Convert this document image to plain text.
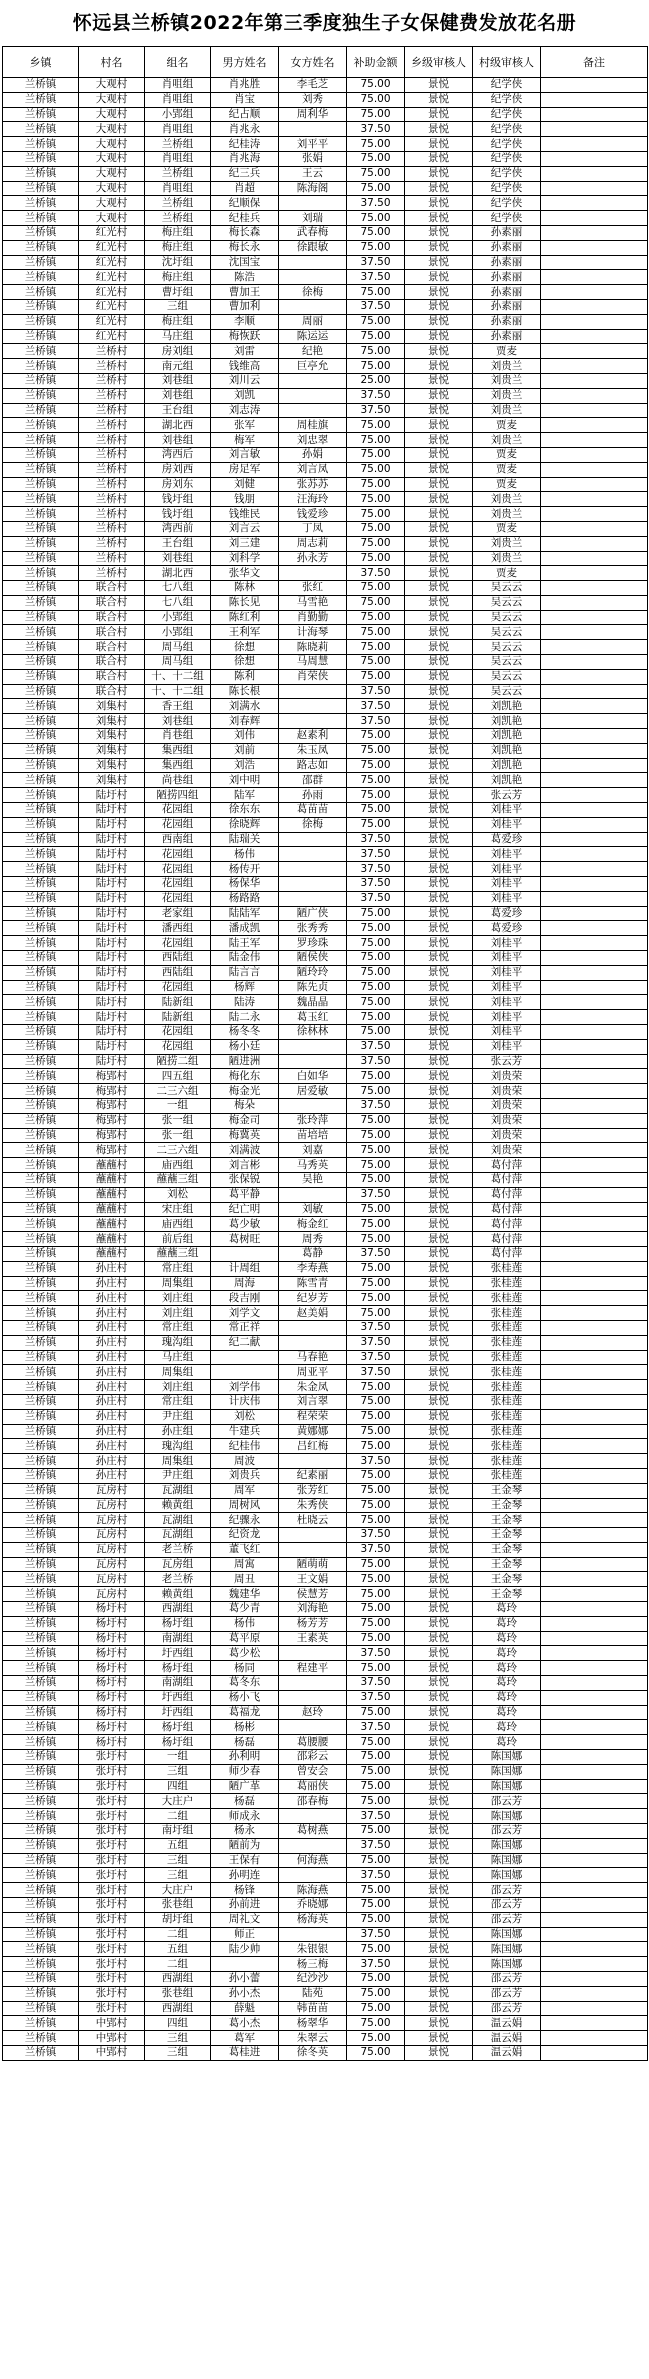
怀远县兰桥镇2022年第三季度独生子女保健费发放花名册
乡镇	村名	组名	男方姓名	女方姓名	补助金额	乡级审核人	村级审核人	备注
兰桥镇	大观村	肖咀组	肖兆胜	李毛芝	75.00	景悦	纪学侠	
兰桥镇	大观村	肖咀组	肖宝	刘秀	75.00	景悦	纪学侠	
兰桥镇	大观村	小郢组	纪占顺	周利华	75.00	景悦	纪学侠	
兰桥镇	大观村	肖咀组	肖兆永		37.50	景悦	纪学侠	
兰桥镇	大观村	兰桥组	纪桂涛	刘平平	75.00	景悦	纪学侠	
兰桥镇	大观村	肖咀组	肖兆海	张娟	75.00	景悦	纪学侠	
兰桥镇	大观村	兰桥组	纪三兵	王云	75.00	景悦	纪学侠	
兰桥镇	大观村	肖咀组	肖超	陈海阁	75.00	景悦	纪学侠	
兰桥镇	大观村	兰桥组	纪顺保		37.50	景悦	纪学侠	
兰桥镇	大观村	兰桥组	纪桂兵	刘瑞	75.00	景悦	纪学侠	
兰桥镇	红光村	梅庄组	梅长森	武春梅	75.00	景悦	孙素丽	
兰桥镇	红光村	梅庄组	梅长永	徐跟敏	75.00	景悦	孙素丽	
兰桥镇	红光村	沈圩组	沈国宝		37.50	景悦	孙素丽	
兰桥镇	红光村	梅庄组	陈浩		37.50	景悦	孙素丽	
兰桥镇	红光村	曹圩组	曹加王	徐梅	75.00	景悦	孙素丽	
兰桥镇	红光村	三组	曹加利		37.50	景悦	孙素丽	
兰桥镇	红光村	梅庄组	李顺	周丽	75.00	景悦	孙素丽	
兰桥镇	红光村	马庄组	梅恢跃	陈运运	75.00	景悦	孙素丽	
兰桥镇	兰桥村	房刘组	刘雷	纪艳	75.00	景悦	贾麦	
兰桥镇	兰桥村	南元组	钱维高	巨亭允	75.00	景悦	刘贵兰	
兰桥镇	兰桥村	刘巷组	刘川云		25.00	景悦	刘贵兰	
兰桥镇	兰桥村	刘巷组	刘凯		37.50	景悦	刘贵兰	
兰桥镇	兰桥村	王台组	刘志涛		37.50	景悦	刘贵兰	
兰桥镇	兰桥村	湖北西	张军	周桂旗	75.00	景悦	贾麦	
兰桥镇	兰桥村	刘巷组	梅军	刘忠翠	75.00	景悦	刘贵兰	
兰桥镇	兰桥村	湾西后	刘言敏	孙娟	75.00	景悦	贾麦	
兰桥镇	兰桥村	房刘西	房足军	刘言凤	75.00	景悦	贾麦	
兰桥镇	兰桥村	房刘东	刘健	张苏苏	75.00	景悦	贾麦	
兰桥镇	兰桥村	钱圩组	钱朋	汪海玲	75.00	景悦	刘贵兰	
兰桥镇	兰桥村	钱圩组	钱维民	钱爱珍	75.00	景悦	刘贵兰	
兰桥镇	兰桥村	湾西前	刘言云	丁凤	75.00	景悦	贾麦	
兰桥镇	兰桥村	王台组	刘三建	周志莉	75.00	景悦	刘贵兰	
兰桥镇	兰桥村	刘巷组	刘科学	孙永芳	75.00	景悦	刘贵兰	
兰桥镇	兰桥村	湖北西	张华文		37.50	景悦	贾麦	
兰桥镇	联合村	七八组	陈林	张红	75.00	景悦	吴云云	
兰桥镇	联合村	七八组	陈长见	马雪艳	75.00	景悦	吴云云	
兰桥镇	联合村	小郢组	陈红利	肖勤勤	75.00	景悦	吴云云	
兰桥镇	联合村	小郢组	王利军	计海琴	75.00	景悦	吴云云	
兰桥镇	联合村	周马组	徐想	陈晓莉	75.00	景悦	吴云云	
兰桥镇	联合村	周马组	徐想	马周慧	75.00	景悦	吴云云	
兰桥镇	联合村	十、十二组	陈利	肖荣侠	75.00	景悦	吴云云	
兰桥镇	联合村	十、十二组	陈长根		37.50	景悦	吴云云	
兰桥镇	刘集村	香王组	刘满水		37.50	景悦	刘凯艳	
兰桥镇	刘集村	刘巷组	刘春辉		37.50	景悦	刘凯艳	
兰桥镇	刘集村	肖巷组	刘伟	赵素利	75.00	景悦	刘凯艳	
兰桥镇	刘集村	集西组	刘前	朱玉凤	75.00	景悦	刘凯艳	
兰桥镇	刘集村	集西组	刘浩	路志如	75.00	景悦	刘凯艳	
兰桥镇	刘集村	尚巷组	刘中明	邵群	75.00	景悦	刘凯艳	
兰桥镇	陆圩村	陋捞四组	陆军	孙雨	75.00	景悦	张云芳	
兰桥镇	陆圩村	花园组	徐东东	葛苗苗	75.00	景悦	刘桂平	
兰桥镇	陆圩村	花园组	徐晓辉	徐梅	75.00	景悦	刘桂平	
兰桥镇	陆圩村	西南组	陆瑞关		37.50	景悦	葛爱珍	
兰桥镇	陆圩村	花园组	杨伟		37.50	景悦	刘桂平	
兰桥镇	陆圩村	花园组	杨传开		37.50	景悦	刘桂平	
兰桥镇	陆圩村	花园组	杨保华		37.50	景悦	刘桂平	
兰桥镇	陆圩村	花园组	杨路路		37.50	景悦	刘桂平	
兰桥镇	陆圩村	老家组	陆陆军	陋广侠	75.00	景悦	葛爱珍	
兰桥镇	陆圩村	潘西组	潘成凯	张秀秀	75.00	景悦	葛爱珍	
兰桥镇	陆圩村	花园组	陆王军	罗珍珠	75.00	景悦	刘桂平	
兰桥镇	陆圩村	西陆组	陆金伟	陋侯侠	75.00	景悦	刘桂平	
兰桥镇	陆圩村	西陆组	陆言言	陋玲玲	75.00	景悦	刘桂平	
兰桥镇	陆圩村	花园组	杨辉	陈先贞	75.00	景悦	刘桂平	
兰桥镇	陆圩村	陆新组	陆涛	魏晶晶	75.00	景悦	刘桂平	
兰桥镇	陆圩村	陆新组	陆二永	葛玉红	75.00	景悦	刘桂平	
兰桥镇	陆圩村	花园组	杨冬冬	徐林林	75.00	景悦	刘桂平	
兰桥镇	陆圩村	花园组	杨小廷		37.50	景悦	刘桂平	
兰桥镇	陆圩村	陋捞二组	陋进洲		37.50	景悦	张云芳	
兰桥镇	梅郢村	四五组	梅化东	白如华	75.00	景悦	刘贵荣	
兰桥镇	梅郢村	二三六组	梅金光	居爱敏	75.00	景悦	刘贵荣	
兰桥镇	梅郢村	一组	梅朵		37.50	景悦	刘贵荣	
兰桥镇	梅郢村	张一组	梅金司	张玲萍	75.00	景悦	刘贵荣	
兰桥镇	梅郢村	张一组	梅冀英	苗培培	75.00	景悦	刘贵荣	
兰桥镇	梅郢村	二三六组	刘满波	刘嘉	75.00	景悦	刘贵荣	
兰桥镇	蘸蘸村	庙西组	刘言彬	马秀英	75.00	景悦	葛付萍	
兰桥镇	蘸蘸村	蘸蘸三组	张保锐	吴艳	75.00	景悦	葛付萍	
兰桥镇	蘸蘸村	刘松	葛平静		37.50	景悦	葛付萍	
兰桥镇	蘸蘸村	宋庄组	纪亡明	刘敏	75.00	景悦	葛付萍	
兰桥镇	蘸蘸村	庙西组	葛少敏	梅金红	75.00	景悦	葛付萍	
兰桥镇	蘸蘸村	前后组	葛树旺	周秀	75.00	景悦	葛付萍	
兰桥镇	蘸蘸村	蘸蘸三组		葛静	37.50	景悦	葛付萍	
兰桥镇	孙庄村	常庄组	计周组	李寿燕	75.00	景悦	张桂莲	
兰桥镇	孙庄村	周集组	周海	陈雪青	75.00	景悦	张桂莲	
兰桥镇	孙庄村	刘庄组	段吉刚	纪岁芳	75.00	景悦	张桂莲	
兰桥镇	孙庄村	刘庄组	刘学文	赵美娟	75.00	景悦	张桂莲	
兰桥镇	孙庄村	常庄组	常正祥		37.50	景悦	张桂莲	
兰桥镇	孙庄村	瑰沟组	纪二献		37.50	景悦	张桂莲	
兰桥镇	孙庄村	马庄组		马春艳	37.50	景悦	张桂莲	
兰桥镇	孙庄村	周集组		周亚平	37.50	景悦	张桂莲	
兰桥镇	孙庄村	刘庄组	刘学伟	朱金凤	75.00	景悦	张桂莲	
兰桥镇	孙庄村	常庄组	计庆伟	刘言翠	75.00	景悦	张桂莲	
兰桥镇	孙庄村	尹庄组	刘松	程荣荣	75.00	景悦	张桂莲	
兰桥镇	孙庄村	孙庄组	牛建兵	黄娜娜	75.00	景悦	张桂莲	
兰桥镇	孙庄村	瑰沟组	纪桂伟	吕红梅	75.00	景悦	张桂莲	
兰桥镇	孙庄村	周集组	周波		37.50	景悦	张桂莲	
兰桥镇	孙庄村	尹庄组	刘贵兵	纪素丽	75.00	景悦	张桂莲	
兰桥镇	瓦房村	瓦湖组	周军	张芳红	75.00	景悦	王金琴	
兰桥镇	瓦房村	赖黄组	周树风	朱秀侠	75.00	景悦	王金琴	
兰桥镇	瓦房村	瓦湖组	纪骤永	杜晓云	75.00	景悦	王金琴	
兰桥镇	瓦房村	瓦湖组	纪资龙		37.50	景悦	王金琴	
兰桥镇	瓦房村	老兰桥	董飞红		37.50	景悦	王金琴	
兰桥镇	瓦房村	瓦房组	周寓	陋萌萌	75.00	景悦	王金琴	
兰桥镇	瓦房村	老兰桥	周丑	王文娟	75.00	景悦	王金琴	
兰桥镇	瓦房村	赖黄组	魏建华	侯慧芳	75.00	景悦	王金琴	
兰桥镇	杨圩村	西湖组	葛少青	刘海艳	75.00	景悦	葛玲	
兰桥镇	杨圩村	杨圩组	杨伟	杨芳芳	75.00	景悦	葛玲	
兰桥镇	杨圩村	南湖组	葛平原	王素英	75.00	景悦	葛玲	
兰桥镇	杨圩村	圩西组	葛少松		37.50	景悦	葛玲	
兰桥镇	杨圩村	杨圩组	杨同	程建平	75.00	景悦	葛玲	
兰桥镇	杨圩村	南湖组	葛冬东		37.50	景悦	葛玲	
兰桥镇	杨圩村	圩西组	杨小飞		37.50	景悦	葛玲	
兰桥镇	杨圩村	圩西组	葛福龙	赵玲	75.00	景悦	葛玲	
兰桥镇	杨圩村	杨圩组	杨彬		37.50	景悦	葛玲	
兰桥镇	杨圩村	杨圩组	杨磊	葛腰腰	75.00	景悦	葛玲	
兰桥镇	张圩村	一组	孙利明	邵彩云	75.00	景悦	陈国娜	
兰桥镇	张圩村	三组	师少春	曾安会	75.00	景悦	陈国娜	
兰桥镇	张圩村	四组	陋广革	葛丽侠	75.00	景悦	陈国娜	
兰桥镇	张圩村	大庄户	杨磊	邵春梅	75.00	景悦	邵云芳	
兰桥镇	张圩村	二组	师成永		37.50	景悦	陈国娜	
兰桥镇	张圩村	南圩组	杨永	葛树燕	75.00	景悦	邵云芳	
兰桥镇	张圩村	五组	陋前为		37.50	景悦	陈国娜	
兰桥镇	张圩村	三组	王保有	何海燕	75.00	景悦	陈国娜	
兰桥镇	张圩村	三组	孙明连		37.50	景悦	陈国娜	
兰桥镇	张圩村	大庄户	杨锋	陈海燕	75.00	景悦	邵云芳	
兰桥镇	张圩村	张巷组	孙前进	乔晓娜	75.00	景悦	邵云芳	
兰桥镇	张圩村	胡圩组	周礼文	杨海英	75.00	景悦	邵云芳	
兰桥镇	张圩村	二组	师正		37.50	景悦	陈国娜	
兰桥镇	张圩村	五组	陆少帅	朱银银	75.00	景悦	陈国娜	
兰桥镇	张圩村	二组		杨三梅	37.50	景悦	陈国娜	
兰桥镇	张圩村	西湖组	孙小蕾	纪沙沙	75.00	景悦	邵云芳	
兰桥镇	张圩村	张巷组	孙小杰	陆苑	75.00	景悦	邵云芳	
兰桥镇	张圩村	西湖组	薛魁	韩苗苗	75.00	景悦	邵云芳	
兰桥镇	中郢村	四组	葛小杰	杨翠华	75.00	景悦	温云娟	
兰桥镇	中郢村	三组	葛军	朱翠云	75.00	景悦	温云娟	
兰桥镇	中郢村	三组	葛桂进	徐冬英	75.00	景悦	温云娟	
